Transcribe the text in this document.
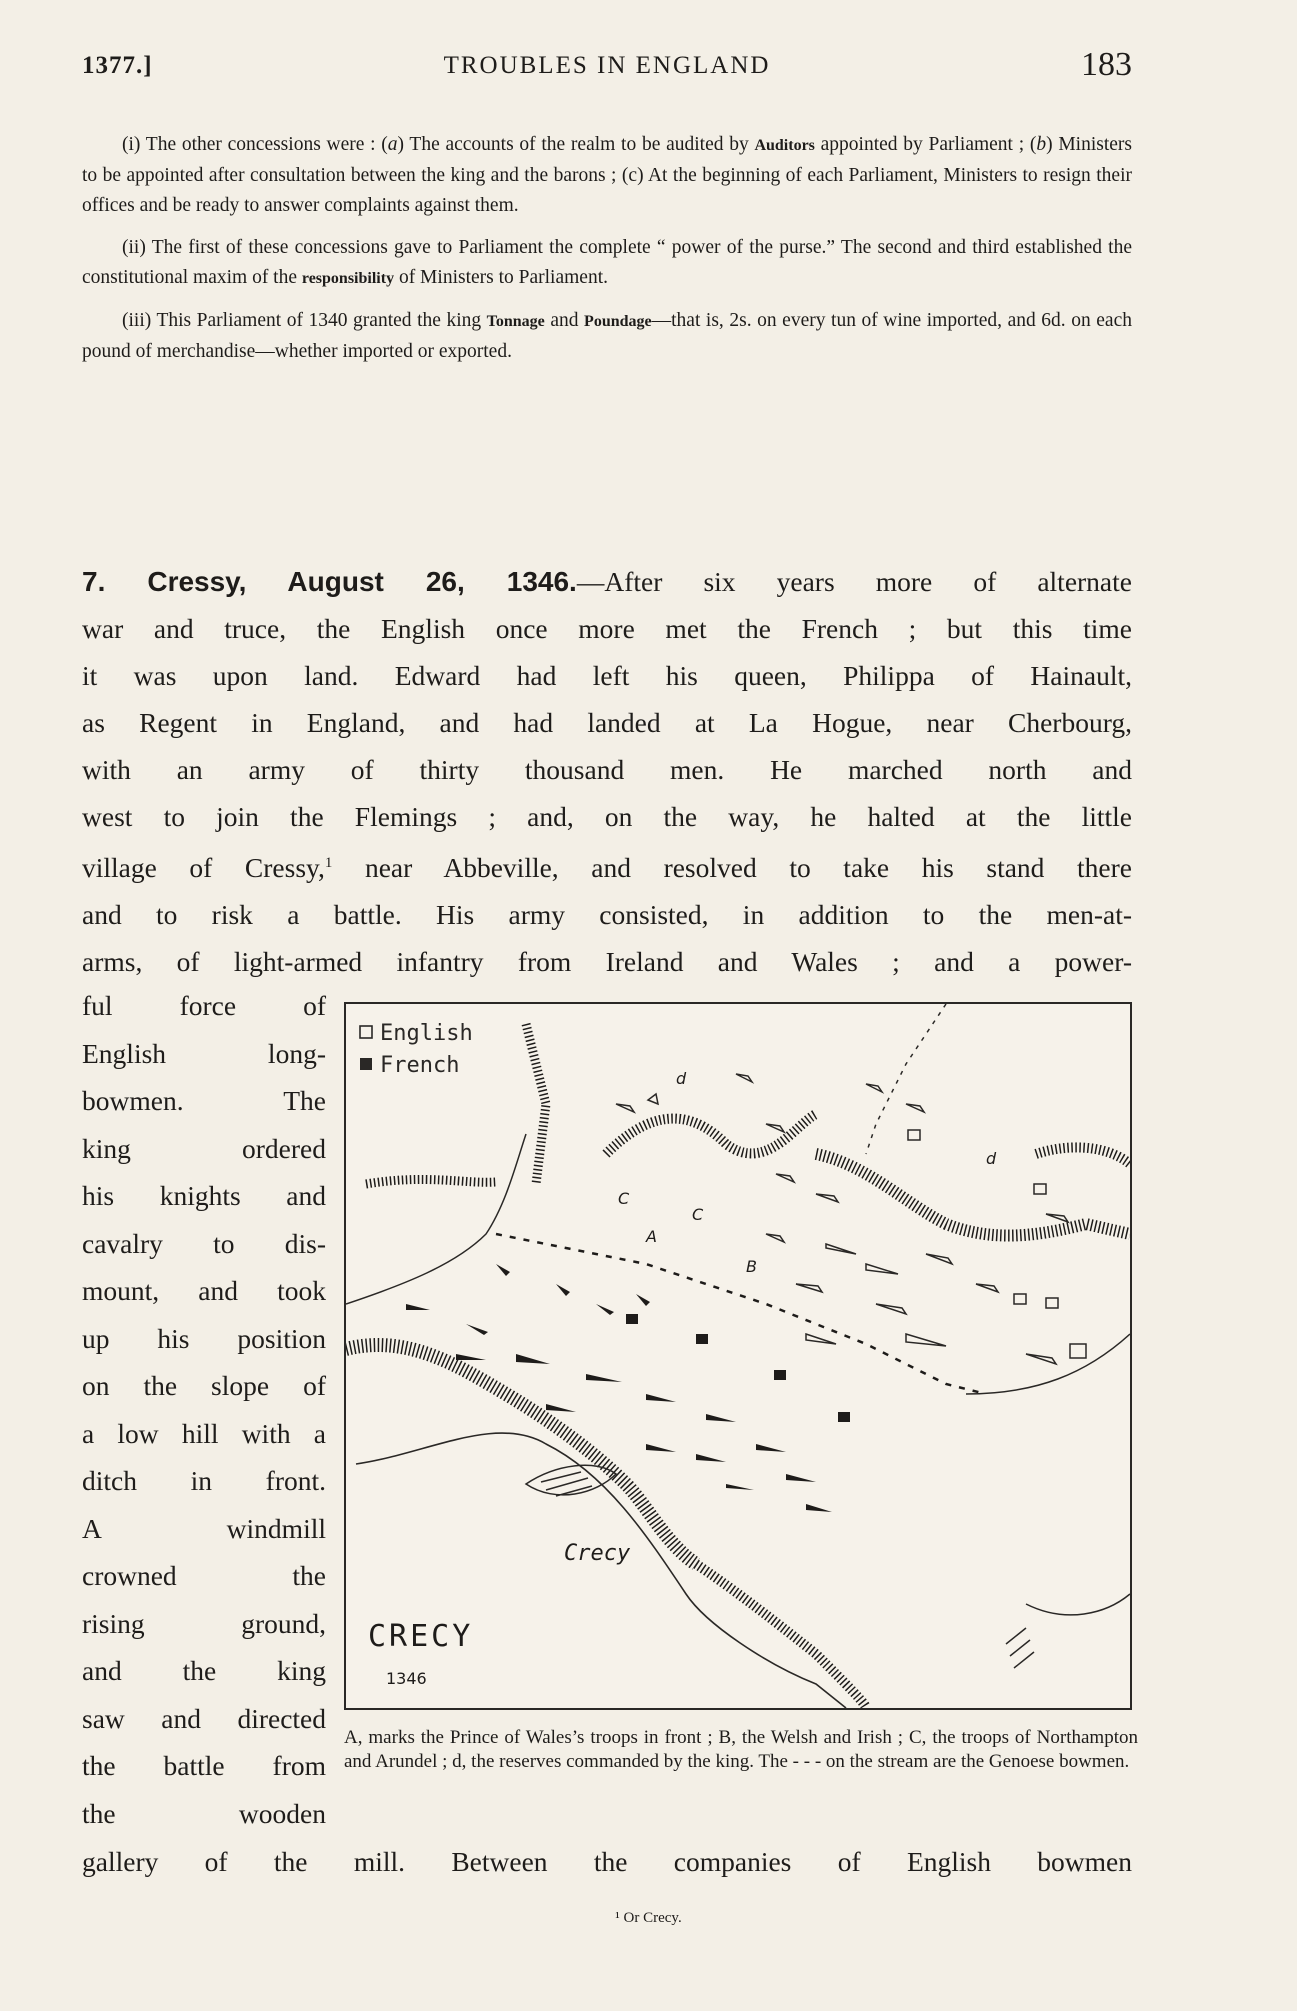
1377.]	TROUBLES IN ENGLAND	183

(i) The other concessions were : (a) The accounts of the realm to be audited by Auditors appointed by Parliament ; (b) Ministers to be appointed after consultation between the king and the barons ; (c) At the beginning of each Parliament, Ministers to resign their offices and be ready to answer complaints against them.

(ii) The first of these concessions gave to Parliament the complete “ power of the purse.” The second and third established the constitutional maxim of the responsibility of Ministers to Parliament.

(iii) This Parliament of 1340 granted the king Tonnage and Poundage—that is, 2s. on every tun of wine imported, and 6d. on each pound of merchandise—whether imported or exported.

7. Cressy, August 26, 1346.—After six years more of alternate
war and truce, the English once more met the French ; but this time
it was upon land. Edward had left his queen, Philippa of Hainault,
as Regent in England, and had landed at La Hogue, near Cherbourg,
with an army of thirty thousand men. He marched north and
west to join the Flemings ; and, on the way, he halted at the little
village of Cressy,$^1$ near Abbeville, and resolved to take his stand there
and to risk a battle. His army consisted, in addition to the men-at-
arms, of light-armed infantry from Ireland and Wales ; and a power-
ful force of
English long-
bowmen. The
king ordered
his knights and
cavalry to dis-
mount, and took
up his position
on the slope of
a low hill with a
ditch in front.
A windmill
crowned the
rising ground,
and the king
saw and directed
the battle from
the wooden
English
French
A
B
C
C
d
d
Crecy
CRECY
1346
A, marks the Prince of Wales’s troops in front ; B, the Welsh and Irish ; C, the troops of Northampton and Arundel ; d, the reserves commanded by the king. The - - - on the stream are the Genoese bowmen.
gallery of the mill. Between the companies of English bowmen
¹ Or Crecy.
